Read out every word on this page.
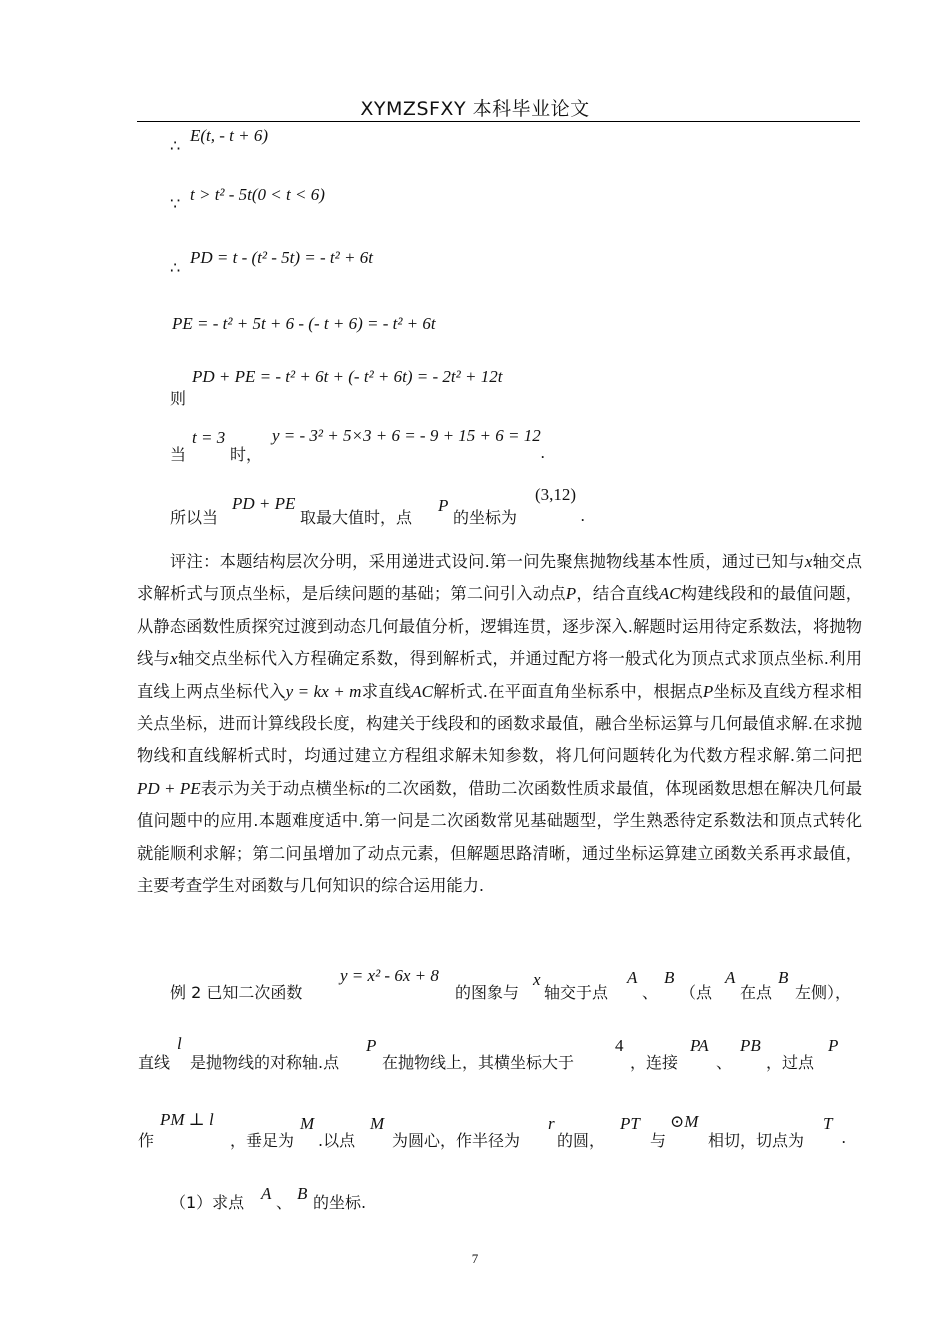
XYMZSFXY 本科毕业论文
∴
E(t, - t + 6)
∵ t > t² - 5t(0 < t < 6)
∴
PD = t - (t² - 5t) = - t² + 6t
PE = - t² + 5t + 6 - (- t + 6) = - t² + 6t
PD + PE = - t² + 6t + (- t² + 6t) = - 2t² + 12t
则
当
t = 3
时，
y = - 3² + 5×3 + 6 = - 9 + 15 + 6 = 12
.
所以当
PD + PE
取最大值时，点
P
的坐标为
(3,12)
.
评注：本题结构层次分明，采用递进式设问.第一问先聚焦抛物线基本性质，通过已知与x轴交点求解析式与顶点坐标，是后续问题的基础；第二问引入动点P，结合直线AC构建线段和的最值问题，从静态函数性质探究过渡到动态几何最值分析，逻辑连贯，逐步深入.解题时运用待定系数法，将抛物线与x轴交点坐标代入方程确定系数，得到解析式，并通过配方将一般式化为顶点式求顶点坐标.利用直线上两点坐标代入y = kx + m求直线AC解析式.在平面直角坐标系中，根据点P坐标及直线方程求相关点坐标，进而计算线段长度，构建关于线段和的函数求最值，融合坐标运算与几何最值求解.在求抛物线和直线解析式时，均通过建立方程组求解未知参数，将几何问题转化为代数方程求解.第二问把PD + PE表示为关于动点横坐标t的二次函数，借助二次函数性质求最值，体现函数思想在解决几何最值问题中的应用.本题难度适中.第一问是二次函数常见基础题型，学生熟悉待定系数法和顶点式转化就能顺利求解；第二问虽增加了动点元素，但解题思路清晰，通过坐标运算建立函数关系再求最值，主要考查学生对函数与几何知识的综合运用能力.
例 2 已知二次函数
y = x² - 6x + 8
的图象与
x
轴交于点
A
、
B
（点
A
在点
B
左侧），
直线
l
是抛物线的对称轴.点
P
在抛物线上，其横坐标大于
4
，连接
PA
、
PB
，过点
P
作
PM ⊥ l
，垂足为
M
.以点
M
为圆心，作半径为
r
的圆，
PT
与
⊙M
相切，切点为
T
.
（1）求点 A 、 B 的坐标.
7
